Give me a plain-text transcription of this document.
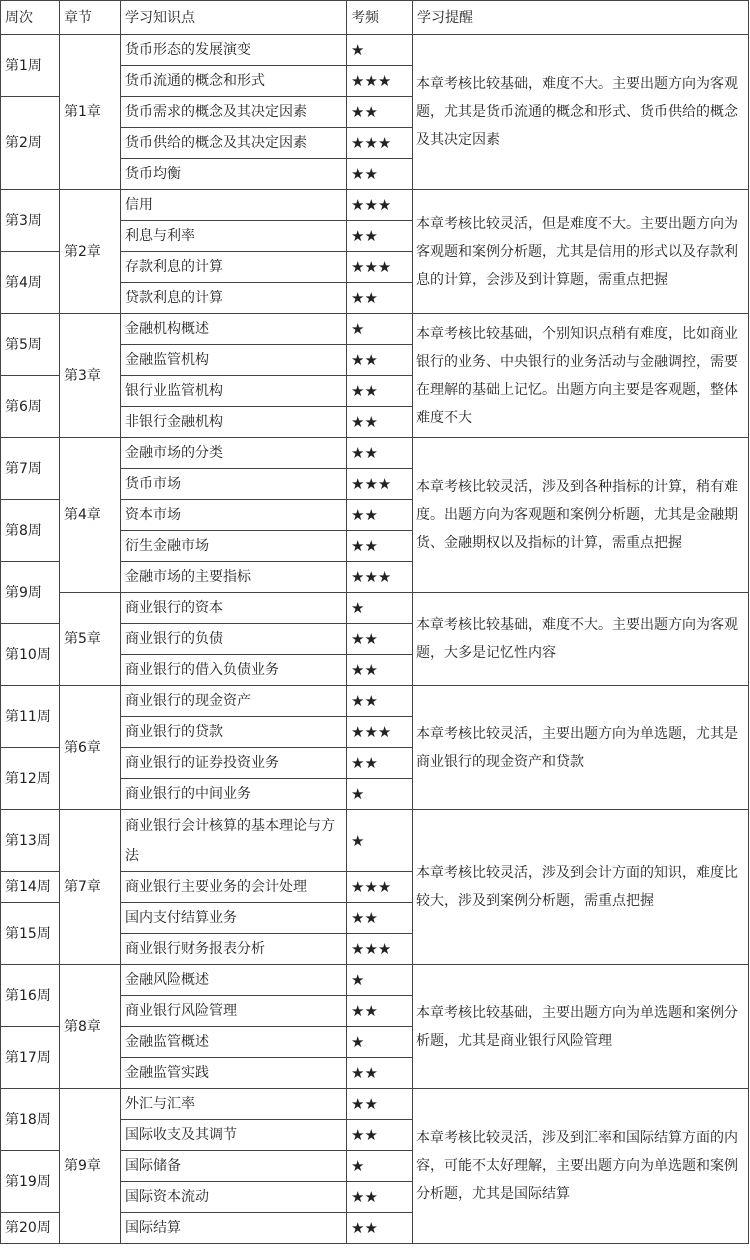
周次	章节	学习知识点	考频	学习提醒
第1周	第1章	货币形态的发展演变	★	本章考核比较基础，难度不大。主要出题方向为客观题，尤其是货币流通的概念和形式、货币供给的概念及其决定因素
		货币流通的概念和形式	★★★	
第2周		货币需求的概念及其决定因素	★★	
		货币供给的概念及其决定因素	★★★	
		货币均衡	★★	
第3周	第2章	信用	★★★	本章考核比较灵活，但是难度不大。主要出题方向为客观题和案例分析题，尤其是信用的形式以及存款利息的计算，会涉及到计算题，需重点把握
		利息与利率	★★	
第4周		存款利息的计算	★★★	
		贷款利息的计算	★★	
第5周	第3章	金融机构概述	★	本章考核比较基础，个别知识点稍有难度，比如商业银行的业务、中央银行的业务活动与金融调控，需要在理解的基础上记忆。出题方向主要是客观题，整体难度不大
		金融监管机构	★★	
第6周		银行业监管机构	★★	
		非银行金融机构	★★	
第7周	第4章	金融市场的分类	★★	本章考核比较灵活，涉及到各种指标的计算，稍有难度。出题方向为客观题和案例分析题，尤其是金融期货、金融期权以及指标的计算，需重点把握
		货币市场	★★★	
第8周		资本市场	★★	
		衍生金融市场	★★	
第9周		金融市场的主要指标	★★★	
	第5章	商业银行的资本	★	本章考核比较基础，难度不大。主要出题方向为客观题，大多是记忆性内容
第10周		商业银行的负债	★★	
		商业银行的借入负债业务	★★	
第11周	第6章	商业银行的现金资产	★★	本章考核比较灵活，主要出题方向为单选题，尤其是商业银行的现金资产和贷款
		商业银行的贷款	★★★	
第12周		商业银行的证券投资业务	★★	
		商业银行的中间业务	★	
第13周	第7章	商业银行会计核算的基本理论与方法	★	本章考核比较灵活，涉及到会计方面的知识，难度比较大，涉及到案例分析题，需重点把握
第14周		商业银行主要业务的会计处理	★★★	
第15周		国内支付结算业务	★★	
		商业银行财务报表分析	★★★	
第16周	第8章	金融风险概述	★	本章考核比较基础，主要出题方向为单选题和案例分析题，尤其是商业银行风险管理
		商业银行风险管理	★★	
第17周		金融监管概述	★	
		金融监管实践	★★	
第18周	第9章	外汇与汇率	★★	本章考核比较灵活，涉及到汇率和国际结算方面的内容，可能不太好理解，主要出题方向为单选题和案例分析题，尤其是国际结算
		国际收支及其调节	★★	
第19周		国际储备	★	
		国际资本流动	★★	
第20周		国际结算	★★	
